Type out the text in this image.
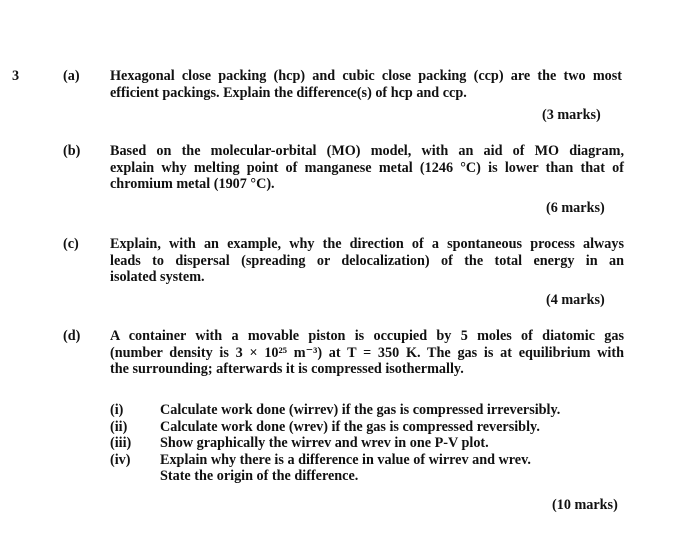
3	(a) Hexagonal close packing (hcp) and cubic close packing (ccp) are the two most
efficient packings. Explain the difference(s) of hcp and ccp.
(3 marks)
(b) Based on the molecular-orbital (MO) model, with an aid of MO diagram,
explain why melting point of manganese metal (1246 °C) is lower than that of
chromium metal (1907 °C).
(6 marks)
(c) Explain, with an example, why the direction of a spontaneous process always
leads to dispersal (spreading or delocalization) of the total energy in an
isolated system.
(4 marks)
(d) A container with a movable piston is occupied by 5 moles of diatomic gas
(number density is 3 × 10²⁵ m⁻³) at T = 350 K. The gas is at equilibrium with
the surrounding; afterwards it is compressed isothermally.
(i)	Calculate work done (wirrev) if the gas is compressed irreversibly.
(ii) Calculate work done (wrev) if the gas is compressed reversibly.
(iii) Show graphically the wirrev and wrev in one P-V plot.
(iv) Explain why there is a difference in value of wirrev and wrev.
State the origin of the difference.
(10 marks)
